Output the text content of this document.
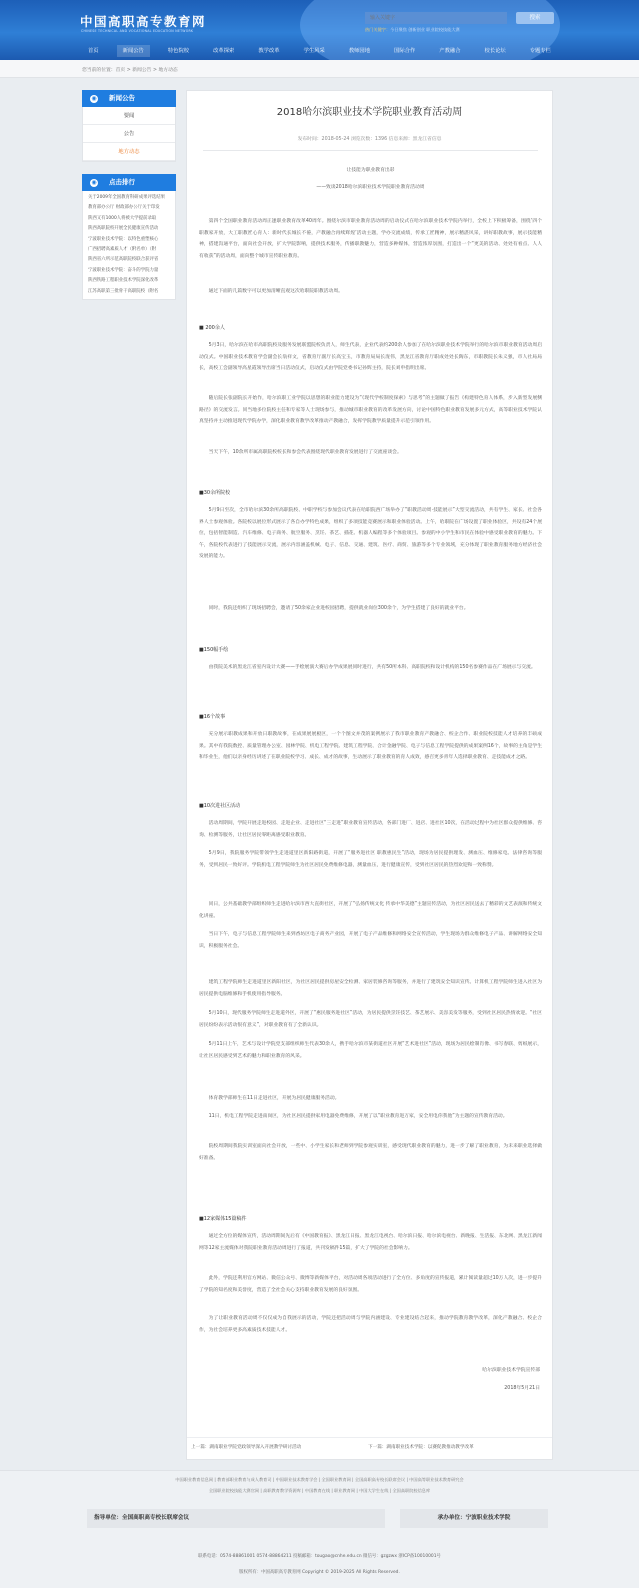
中国高职高专教育网
CHINESE TECHNICAL AND VOCATIONAL EDUCATION NETWORK
输入关键字
搜索
热门关键字：今日聚焦 创新创业 职业院校技能大赛
首页	新闻公告	特色院校	改革探索	教学改革	学生风采	教师园地	国际合作	产教融合	校长论坛	专题专栏
您当前的位置：首页 > 新闻公告 > 地方动态
◉ 新闻公告
要闻
公告
地方动态
◉ 点击排行
关于2009年全国教育科研成果评选结果
教育部办公厅 财政部办公厅关于印发
陕西又有1000人将被大学提前录取
陕西高职院校开展全民健康宣传活动
宁波职业技术学院：以特色重塑核心
广西招聘高素质人才（附名单）（附
陕西省六所示范高职院校联合获评省
宁波职业技术学院：奋斗的学院力量
陕西铁路工程职业技术学院深化改革
江苏高职第三批骨干高职院校（附名
2018哈尔滨职业技术学院职业教育活动周
发布时间：2018-05-24 浏览次数：1396 信息来源：黑龙江省信息
让技能为职业教育出彩
——致谈2018哈尔滨职业技术学院职业教育活动周
第四个全国职业教育活动周正逢职业教育改革40周年。围绕尔滨市职业教育活动周的启动仪式在哈尔滨职业技术学院内举行，全校上下积极筹备，围绕‘四个职教家开放，大工职教匠心育人：新时代长城长不倦，产教融合再续辉煌’活动主题，学办交流成绩，传承工匠精神，展示精湛风采，讲好职教故事，展示技能精神，搭建沟通平台，面向社会开放，扩大学院影响，提供技术服务，传播职教魅力，营造多种媒体，营造浓厚氛围，打造出一个“更美的活动、处处有看点、人人有收获”的活动周，面向整个城市宣传职业教育。
通过下面的几篇数字可以更加清晰直观这次哈职院职教活动周。
■ 200余人
5月3日，哈尔滨在哈市高职院校及服务发展联盟院校负责人，师生代表，企业代表约200余人参加了在哈尔滨职业技术学院举行的哈尔滨市职业教育活动周启动仪式。中国职业技术教育学会副会长翁祥文，省教育厅副厅长高宝玉，市教育局局长庞伟，黑龙江省教育厅职成处处长陶东，市职教院长朱义强，市人社局局长，高校工会副领导高星霞领导出席当日活动仪式，启动仪式由学院党委书记孙辉主持，院长刘申指明出席。
随后院长张副院长开始作，哈尔滨职工业学院以思想的职业能力建设为“《现代学校制度探索》与思考”的主题做了报告《构建特色育人体系，步入新型发展侧路径》的交流发言。同当地多位院校主任和专家等人士现场参与，推动城市职业教育的改革发展方向，讨论中国特色职业教育发展多元方式，高等职业技术学院认真坚持并主动推进现代学院办学，深化职业教育教学改革推动产教融合，发挥学院教学质量提升示范引领作用。
当天下午，10余所市属高职院校校长和参会代表围绕现代职业教育发展进行了交流座谈会。
■30余所院校
5月9日至次，全市哈尔滨30余所高职院校、中职学校与参加会议代表在哈职院西广场举办了“职教活动周·技能展示”大型交流活动，共有学生、家长、社会各界人士参观体验。各院校以展位形式展示了各自办学特色成果，组织了多项技能竞赛展示和职业体验活动。上午，哈职院在广场设置了职业体验区，共设有24个展位，包括智能制造、汽车维修、电子商务、航空服务、烹饪、茶艺、插花、机器人编程等多个体验项目。参观的中小学生和市民在体验中感受职业教育的魅力。下午，各院校代表进行了技能展示交流，展示内容涵盖机械、电子、信息、交通、建筑、医疗、商贸、旅游等多个专业领域，充分体现了职业教育服务地方经济社会发展的能力。
同时，我院还组织了现场招聘会，邀请了50余家企业进校园招聘，提供就业岗位300余个，为学生搭建了良好的就业平台。
■150幅手绘
由我院美术的黑龙江省室内设计大赛——手绘展演大赛后办学成果展同时进行，共有50所本科、高职院校和设计机构的150名参赛作品在广场展示与交流。
■16个故事
充分展示职教成果和开放日职教故事，在成果展展板区，一个个图文并茂的案例展示了我市职业教育产教融合、校企合作、职业院校技能人才培养的丰硕成果。其中有我院数控、质量管理办公室、园林学院、机电工程学院、建筑工程学院、合计金融学院、电子与信息工程学院提供的成果案例16个，故事的主角是学生和毕业生，他们以亲身经历讲述了在职业院校学习、成长、成才的故事，生动展示了职业教育的育人成效，感召更多青年人选择职业教育、走技能成才之路。
■10次进社区活动
活动周期间，学院开展走进校园、走进企业、走进社区“三走进”职业教育宣传活动，各部门进厂、进店、进社区10次，在活动过程中为社区群众提供维修、咨询、检测等服务，让社区居民零距离感受职业教育。
5月9日，我院服务学院带领学生走进道里区新阳路街道，开展了“服务进社区 职教惠民生”活动，现场为居民提供理发、测血压、维修家电、法律咨询等服务，受到居民一致好评。学院机电工程学院师生为社区居民免费维修电器，测量血压，进行健康宣传，受到社区居民的热烈欢迎和一致称赞。
同日，公共基础教学部组织师生走进哈尔滨市西大直街社区，开展了“弘扬传统文化 传承中华美德”主题宣传活动，为社区居民送去了精彩的文艺表演和传统文化讲座。
当日下午，电子与信息工程学院师生来到香坊区电子商务产业园，开展了电子产品维修和网络安全宣传活动，学生现场为群众维修电子产品、讲解网络安全知识，积极服务社会。
建筑工程学院师生走进道里区新阳社区，为社区居民提供房屋安全检测、家居装修咨询等服务，并进行了建筑安全知识宣传。计算机工程学院师生进入社区为居民提供电脑维修和手机使用指导服务。
5月10日，现代服务学院师生走进道外区，开展了“惠民服务进社区”活动，为居民提供烹饪技艺、茶艺展示、美容美发等服务，受到社区居民热情欢迎。“社区居民纷纷表示活动很有意义”，对职业教育有了全新认识。
5月11日上午，艺术与设计学院党支部组织师生代表30余人，携手哈尔滨市某街道社区开展“艺术进社区”活动，现场为居民绘制肖像、书写春联、剪纸展示，让社区居民感受到艺术的魅力和职业教育的风采。
体育教学部师生在11日走进社区，开展为居民健康服务活动。
11日，机电工程学院走进南岗区，为社区居民提供家用电器免费维修，开展了以“职业教育进万家，安全用电你我他”为主题的宣传教育活动。
院校周期间我院实训室面向社会开放，一些中、小学生家长和老师到学院参观实训室，感受现代职业教育的魅力，进一步了解了职业教育，为未来职业选择做好准备。
■12家媒体15篇稿件
通过全方位的媒体宣传，活动周期间先后有《中国教育报》、黑龙江日报、黑龙江电视台、哈尔滨日报、哈尔滨电视台、新晚报、生活报、东北网、黑龙江新闻网等12家主流媒体对我院职业教育活动周进行了报道，共刊发稿件15篇，扩大了学院的社会影响力。
此外，学院还利用官方网站、微信公众号、微博等新媒体平台，对活动周各项活动进行了全方位、多角度的宣传报道，累计阅读量超过10万人次，进一步提升了学院的知名度和美誉度，营造了全社会关心支持职业教育发展的良好氛围。
为了让职业教育活动周不仅仅成为自我展示的活动，学院还把活动周与学院内涵建设、专业建设结合起来，推动学院教育教学改革，深化产教融合、校企合作，为社会培养更多高素质技术技能人才。
哈尔滨职业技术学院宣传部
2018年5月21日
上一篇：湖南职业学院党政领导深入开展教学研讨活动	下一篇：湖南职业技术学院：以赛促教推动教学改革
中国职业教育信息网 | 教育部职业教育与成人教育司 | 中国职业技术教育学会 | 全国职业教育网 | 全国高职高专校长联席会议 | 中国高等职业技术教育研究会
全国职业院校技能大赛官网 | 高职教育教学资源库 | 中国教育在线 | 职业教育网 | 中国大学生在线 | 全国高职院校信息库
指导单位：全国高职高专校长联席会议	承办单位：宁波职业技术学院
联系电话：0574-88861001 0574-88864211 投稿邮箱：tougao@cnhe.edu.cn 微信号：gzgzwx 浙ICP备10010001号
版权所有：中国高职高专教育网 Copyright © 2019-2025 All Rights Reserved.
